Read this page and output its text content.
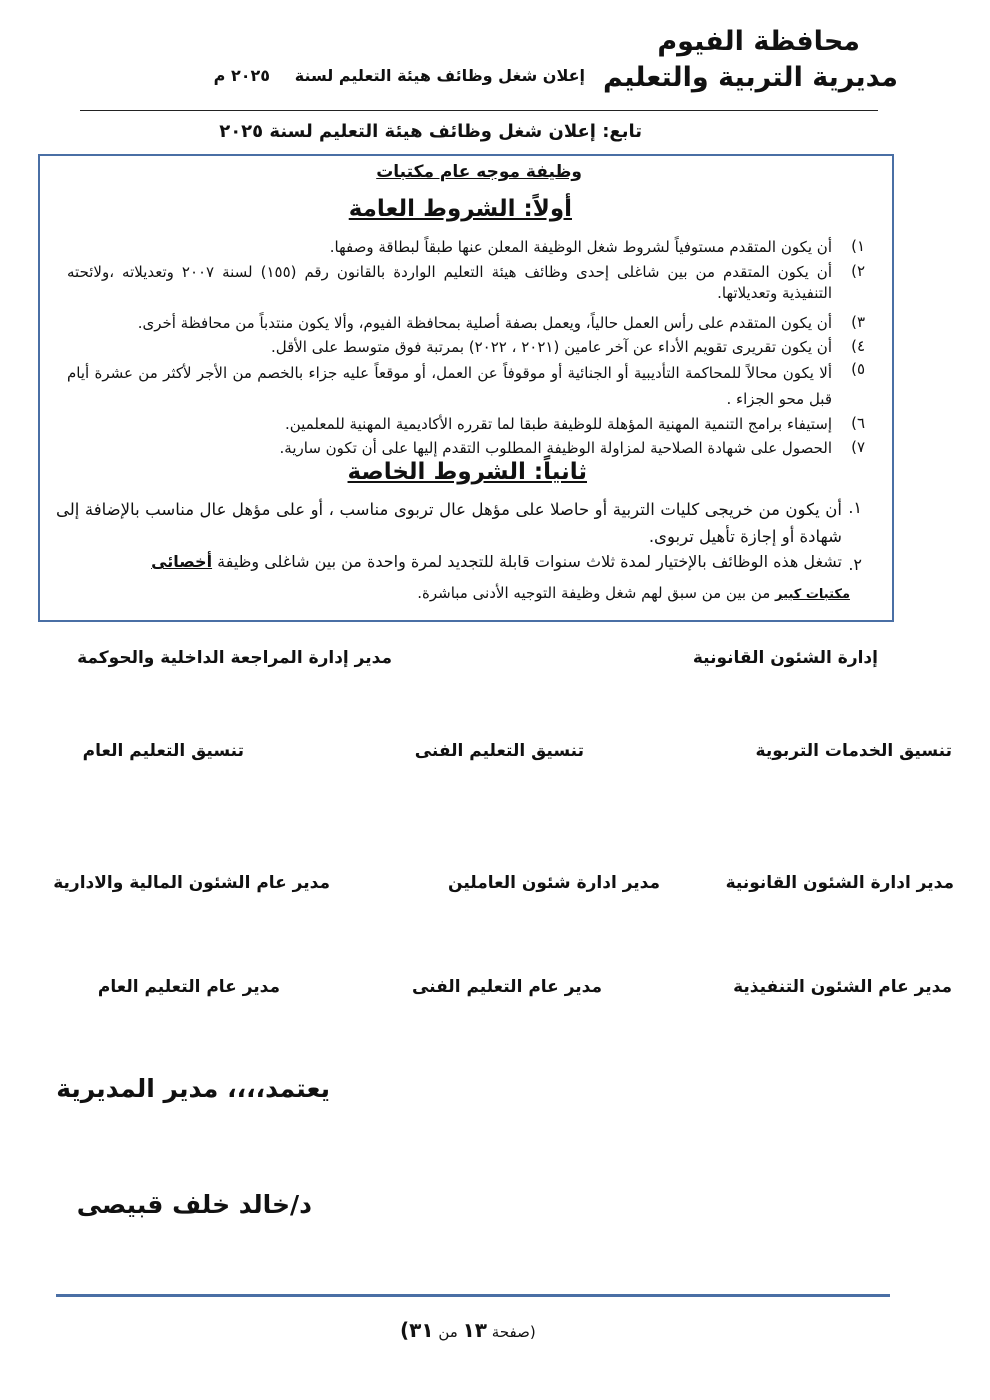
محافظة الفيوم
مديرية التربية والتعليم
إعلان شغل وظائف هيئة التعليم لسنة
٢٠٢٥ م
تابع: إعلان شغل وظائف هيئة التعليم لسنة ٢٠٢٥
وظيفة موجه عام مكتبات
أولاً: الشروط العامة
١)
أن يكون المتقدم مستوفياً لشروط شغل الوظيفة المعلن عنها طبقاً لبطاقة وصفها.
٢)
أن يكون المتقدم من بين شاغلى إحدى وظائف هيئة التعليم الواردة بالقانون رقم (١٥٥) لسنة ٢٠٠٧ وتعديلاته ،ولائحته التنفيذية وتعديلاتها.
٣)
أن يكون المتقدم على رأس العمل حالياً، ويعمل بصفة أصلية بمحافظة الفيوم، وألا يكون منتدباً من محافظة أخرى.
٤)
أن يكون تقريرى تقويم الأداء عن آخر عامين (٢٠٢١ ، ٢٠٢٢) بمرتبة فوق متوسط على الأقل.
٥)
ألا يكون محالاً للمحاكمة التأديبية أو الجنائية أو موقوفاً عن العمل، أو موقعاً عليه جزاء بالخصم من الأجر لأكثر من عشرة أيام قبل محو الجزاء .
٦)
إستيفاء برامج التنمية المهنية المؤهلة للوظيفة طبقا لما تقرره الأكاديمية المهنية للمعلمين.
٧)
الحصول على شهادة الصلاحية لمزاولة الوظيفة المطلوب التقدم إليها على أن تكون سارية.
ثانياً: الشروط الخاصة
١.
أن يكون من خريجى كليات التربية أو حاصلا على مؤهل عال تربوى مناسب ، أو على مؤهل عال مناسب بالإضافة إلى شهادة أو إجازة تأهيل تربوى.
٢.
تشغل هذه الوظائف بالإختيار لمدة ثلاث سنوات قابلة للتجديد لمرة واحدة من بين شاغلى وظيفة أخصائى
مكتبات كبير من بين من سبق لهم شغل وظيفة التوجيه الأدنى مباشرة.
إدارة الشئون القانونية
مدير إدارة المراجعة الداخلية والحوكمة
تنسيق الخدمات التربوية
تنسيق التعليم الفنى
تنسيق التعليم العام
مدير ادارة الشئون القانونية
مدير ادارة شئون العاملين
مدير عام الشئون المالية والادارية
مدير عام الشئون التنفيذية
مدير عام التعليم الفنى
مدير عام التعليم العام
يعتمد،،،، مدير المديرية
د/خالد خلف قبيصى
(صفحة ١٣ من ٣١)
